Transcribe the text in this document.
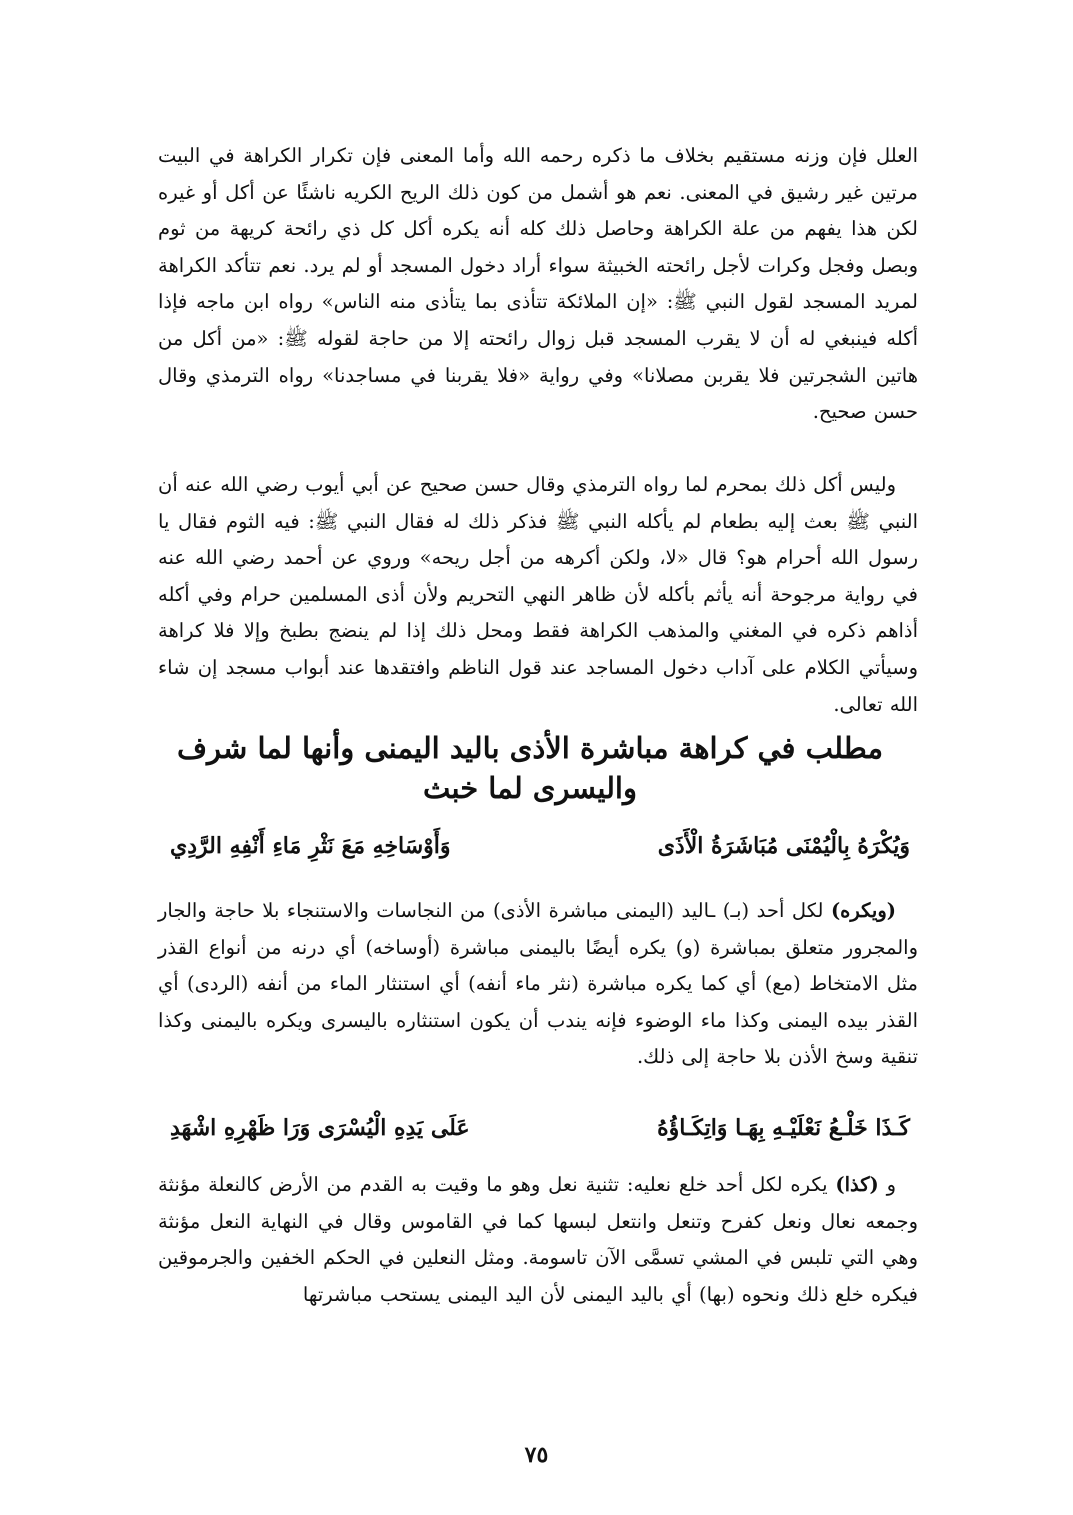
العلل فإن وزنه مستقيم بخلاف ما ذكره رحمه الله وأما المعنى فإن تكرار الكراهة في البيت مرتين غير رشيق في المعنى. نعم هو أشمل من كون ذلك الريح الكريه ناشئًا عن أكل أو غيره لكن هذا يفهم من علة الكراهة وحاصل ذلك كله أنه يكره أكل كل ذي رائحة كريهة من ثوم وبصل وفجل وكرات لأجل رائحته الخبيثة سواء أراد دخول المسجد أو لم يرد. نعم تتأكد الكراهة لمريد المسجد لقول النبي ﷺ: «إن الملائكة تتأذى بما يتأذى منه الناس» رواه ابن ماجه فإذا أكله فينبغي له أن لا يقرب المسجد قبل زوال رائحته إلا من حاجة لقوله ﷺ: «من أكل من هاتين الشجرتين فلا يقربن مصلانا» وفي رواية «فلا يقربنا في مساجدنا» رواه الترمذي وقال حسن صحيح.

وليس أكل ذلك بمحرم لما رواه الترمذي وقال حسن صحيح عن أبي أيوب رضي الله عنه أن النبي ﷺ بعث إليه بطعام لم يأكله النبي ﷺ فذكر ذلك له فقال النبي ﷺ: فيه الثوم فقال يا رسول الله أحرام هو؟ قال «لا، ولكن أكرهه من أجل ريحه» وروي عن أحمد رضي الله عنه في رواية مرجوحة أنه يأثم بأكله لأن ظاهر النهي التحريم ولأن أذى المسلمين حرام وفي أكله أذاهم ذكره في المغني والمذهب الكراهة فقط ومحل ذلك إذا لم ينضج بطبخ وإلا فلا كراهة وسيأتي الكلام على آداب دخول المساجد عند قول الناظم وافتقدها عند أبواب مسجد إن شاء الله تعالى.

مطلب في كراهة مباشرة الأذى باليد اليمنى وأنها لما شرف واليسرى لما خبث
وَيُكْرَهُ بِالْيُمْنَى مُبَاشَرَةُ الْأَذَى
وَأَوْسَاخِهِ مَعَ نَثْرِ مَاءِ أَنْفِهِ الرَّدِي

(ويكره) لكل أحد (بـ) ـاليد (اليمنى مباشرة الأذى) من النجاسات والاستنجاء بلا حاجة والجار والمجرور متعلق بمباشرة (و) يكره أيضًا باليمنى مباشرة (أوساخه) أي درنه من أنواع القذر مثل الامتخاط (مع) أي كما يكره مباشرة (نثر ماء أنفه) أي استنثار الماء من أنفه (الردى) أي القذر بيده اليمنى وكذا ماء الوضوء فإنه يندب أن يكون استنثاره باليسرى ويكره باليمنى وكذا تنقية وسخ الأذن بلا حاجة إلى ذلك.

كَـذَا خَلْـعُ نَعْلَيْـهِ بِهَـا وَاتِكَـاؤُهُ
عَلَى يَدِهِ الْيُسْرَى وَرَا ظَهْرِهِ اشْهَدِ

و (كذا) يكره لكل أحد خلع نعليه: تثنية نعل وهو ما وقيت به القدم من الأرض كالنعلة مؤنثة وجمعه نعال ونعل كفرح وتنعل وانتعل لبسها كما في القاموس وقال في النهاية النعل مؤنثة وهي التي تلبس في المشي تسمَّى الآن تاسومة. ومثل النعلين في الحكم الخفين والجرموقين فيكره خلع ذلك ونحوه (بها) أي باليد اليمنى لأن اليد اليمنى يستحب مباشرتها

٧٥
